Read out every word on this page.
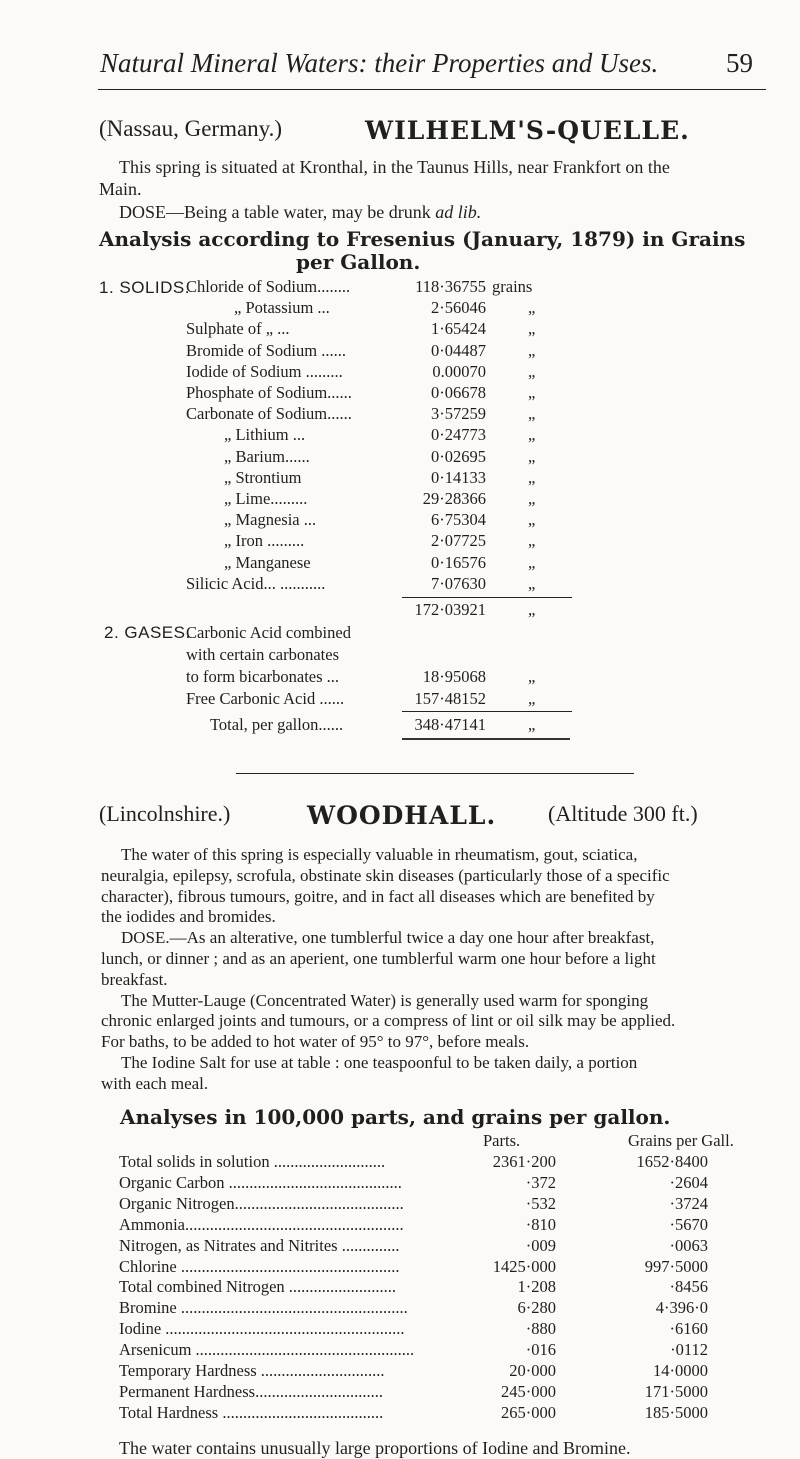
Natural Mineral Waters: their Properties and Uses.	59
(Nassau, Germany.)	WILHELM'S-QUELLE.
This spring is situated at Kronthal, in the Taunus Hills, near Frankfort on the
Main.
DOSE—Being a table water, may be drunk ad lib.
Analysis according to Fresenius (January, 1879) in Grains
per Gallon.
1. SOLIDS.
Chloride of Sodium........	118·36755 grains
„ Potassium ...	2·56046	„
Sulphate of „ ...	1·65424	„
Bromide of Sodium ......	0·04487	„
Iodide of Sodium .........	0.00070	„
Phosphate of Sodium......	0·06678	„
Carbonate of Sodium......	3·57259	„
„ Lithium ...	0·24773	„
„ Barium......	0·02695	„
„ Strontium	0·14133	„
„ Lime.........	29·28366	„
„ Magnesia ...	6·75304	„
„ Iron .........	2·07725	„
„ Manganese	0·16576	„
Silicic Acid... ...........	7·07630	„
172·03921	„
2. GASES.
Carbonic Acid combined
with certain carbonates
to form bicarbonates ...	18·95068	„
Free Carbonic Acid ......	157·48152	„
Total, per gallon......	348·47141	„
(Lincolnshire.)	WOODHALL. (Altitude 300 ft.)
The water of this spring is especially valuable in rheumatism, gout, sciatica,
neuralgia, epilepsy, scrofula, obstinate skin diseases (particularly those of a specific
character), fibrous tumours, goitre, and in fact all diseases which are benefited by
the iodides and bromides.
DOSE.—As an alterative, one tumblerful twice a day one hour after breakfast,
lunch, or dinner ; and as an aperient, one tumblerful warm one hour before a light
breakfast.
The Mutter-Lauge (Concentrated Water) is generally used warm for sponging
chronic enlarged joints and tumours, or a compress of lint or oil silk may be applied.
For baths, to be added to hot water of 95° to 97°, before meals.
The Iodine Salt for use at table : one teaspoonful to be taken daily, a portion
with each meal.
Analyses in 100,000 parts, and grains per gallon.
Parts.	Grains per Gall.
Total solids in solution ...........................	2361·200	1652·8400
Organic Carbon ..........................................	·372	·2604
Organic Nitrogen.........................................	·532	·3724
Ammonia.....................................................	·810	·5670
Nitrogen, as Nitrates and Nitrites ..............	·009	·0063
Chlorine .....................................................	1425·000	997·5000
Total combined Nitrogen ..........................	1·208	·8456
Bromine .......................................................	6·280	4·396·0
Iodine ..........................................................	·880	·6160
Arsenicum .....................................................	·016	·0112
Temporary Hardness ..............................	20·000	14·0000
Permanent Hardness...............................	245·000	171·5000
Total Hardness .......................................	265·000	185·5000
The water contains unusually large proportions of Iodine and Bromine.
